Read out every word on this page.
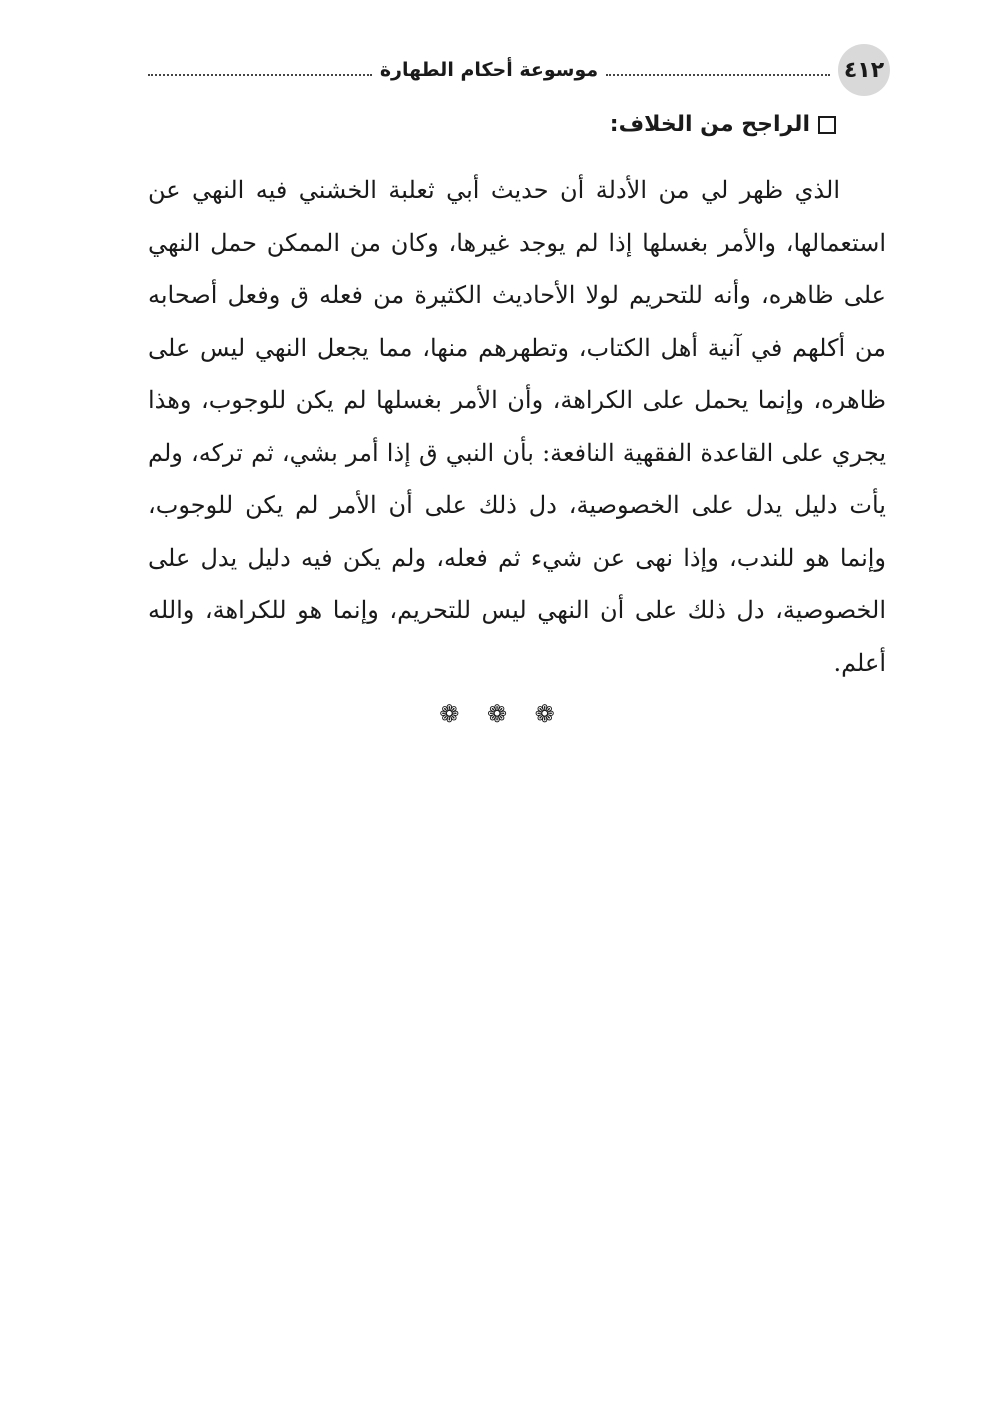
٤١٢
موسوعة أحكام الطهارة
الراجح من الخلاف:

الذي ظهر لي من الأدلة أن حديث أبي ثعلبة الخشني فيه النهي عن استعمالها، والأمر بغسلها إذا لم يوجد غيرها، وكان من الممكن حمل النهي على ظاهره، وأنه للتحريم لولا الأحاديث الكثيرة من فعله ق وفعل أصحابه من أكلهم في آنية أهل الكتاب، وتطهرهم منها، مما يجعل النهي ليس على ظاهره، وإنما يحمل على الكراهة، وأن الأمر بغسلها لم يكن للوجوب، وهذا يجري على القاعدة الفقهية النافعة: بأن النبي ق إذا أمر بشي، ثم تركه، ولم يأت دليل يدل على الخصوصية، دل ذلك على أن الأمر لم يكن للوجوب، وإنما هو للندب، وإذا نهى عن شيء ثم فعله، ولم يكن فيه دليل يدل على الخصوصية، دل ذلك على أن النهي ليس للتحريم، وإنما هو للكراهة، والله أعلم.

❁ ❁ ❁
